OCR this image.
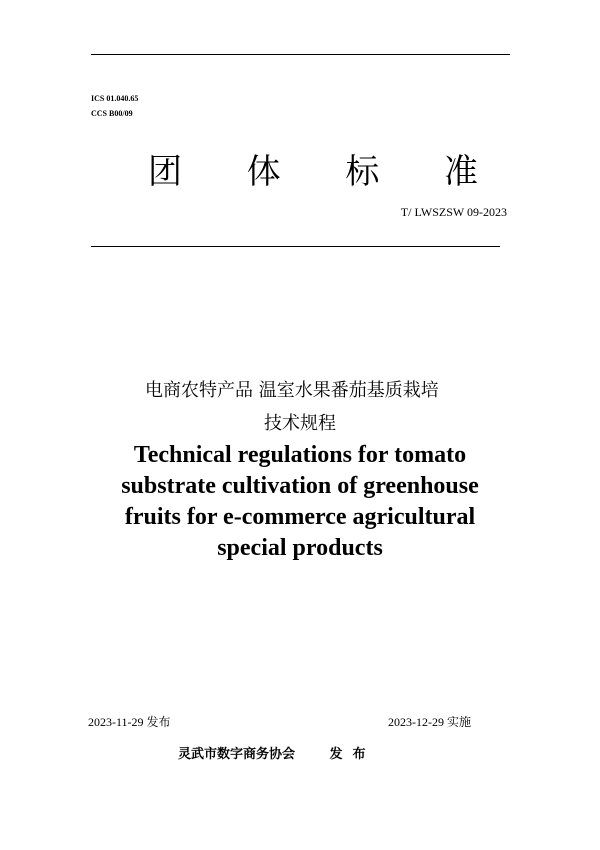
ICS 01.040.65
CCS B00/09
团 体 标 准
T/ LWSZSW 09-2023
电商农特产品 温室水果番茄基质栽培
技术规程
Technical regulations for tomato
substrate cultivation of greenhouse
fruits for e-commerce agricultural
special products
2023-11-29 发布	2023-12-29 实施
灵武市数字商务协会	发布
